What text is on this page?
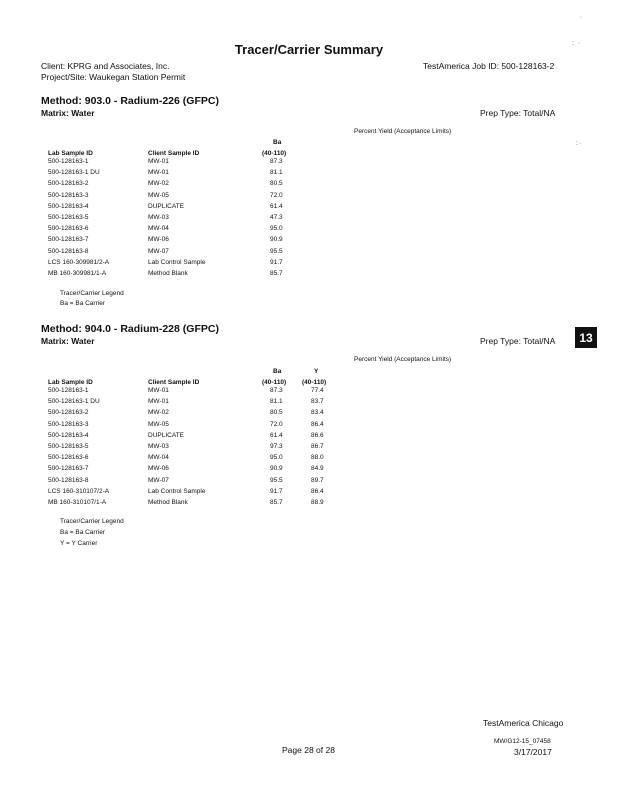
Tracer/Carrier Summary
Client: KPRG and Associates, Inc.
Project/Site: Waukegan Station Permit
TestAmerica Job ID: 500-128163-2
Method: 903.0 - Radium-226 (GFPC)
Matrix: Water	Prep Type: Total/NA
Percent Yield (Acceptance Limits)
Ba
Lab Sample ID	Client Sample ID	(40-110)
500-128163-1	MW-01	87.3
500-128163-1 DU	MW-01	81.1
500-128163-2	MW-02	80.5
500-128163-3	MW-05	72.0
500-128163-4	DUPLICATE	61.4
500-128163-5	MW-03	47.3
500-128163-6	MW-04	95.0
500-128163-7	MW-06	90.9
500-128163-8	MW-07	95.5
LCS 160-309981/2-A	Lab Control Sample	91.7
MB 160-309981/1-A	Method Blank	85.7
Tracer/Carrier Legend
Ba = Ba Carrier
Method: 904.0 - Radium-228 (GFPC)
Matrix: Water	Prep Type: Total/NA	13
Percent Yield (Acceptance Limits)
Ba	Y
Lab Sample ID	Client Sample ID	(40-110) (40-110)
500-128163-1	MW-01	87.3	77.4
500-128163-1 DU	MW-01	81.1	83.7
500-128163-2	MW-02	80.5	83.4
500-128163-3	MW-05	72.0	86.4
500-128163-4	DUPLICATE	61.4	86.6
500-128163-5	MW-03	97.3	86.7
500-128163-6	MW-04	95.0	88.0
500-128163-7	MW-06	90.9	84.9
500-128163-8	MW-07	95.5	89.7
LCS 160-310107/2-A	Lab Control Sample	91.7	86.4
MB 160-310107/1-A	Method Blank	85.7	88.9
Tracer/Carrier Legend
Ba = Ba Carrier
Y = Y Carrier
TestAmerica Chicago
MW/G12-15_07458
Page 28 of 28	3/17/2017
.
: ·
:·
